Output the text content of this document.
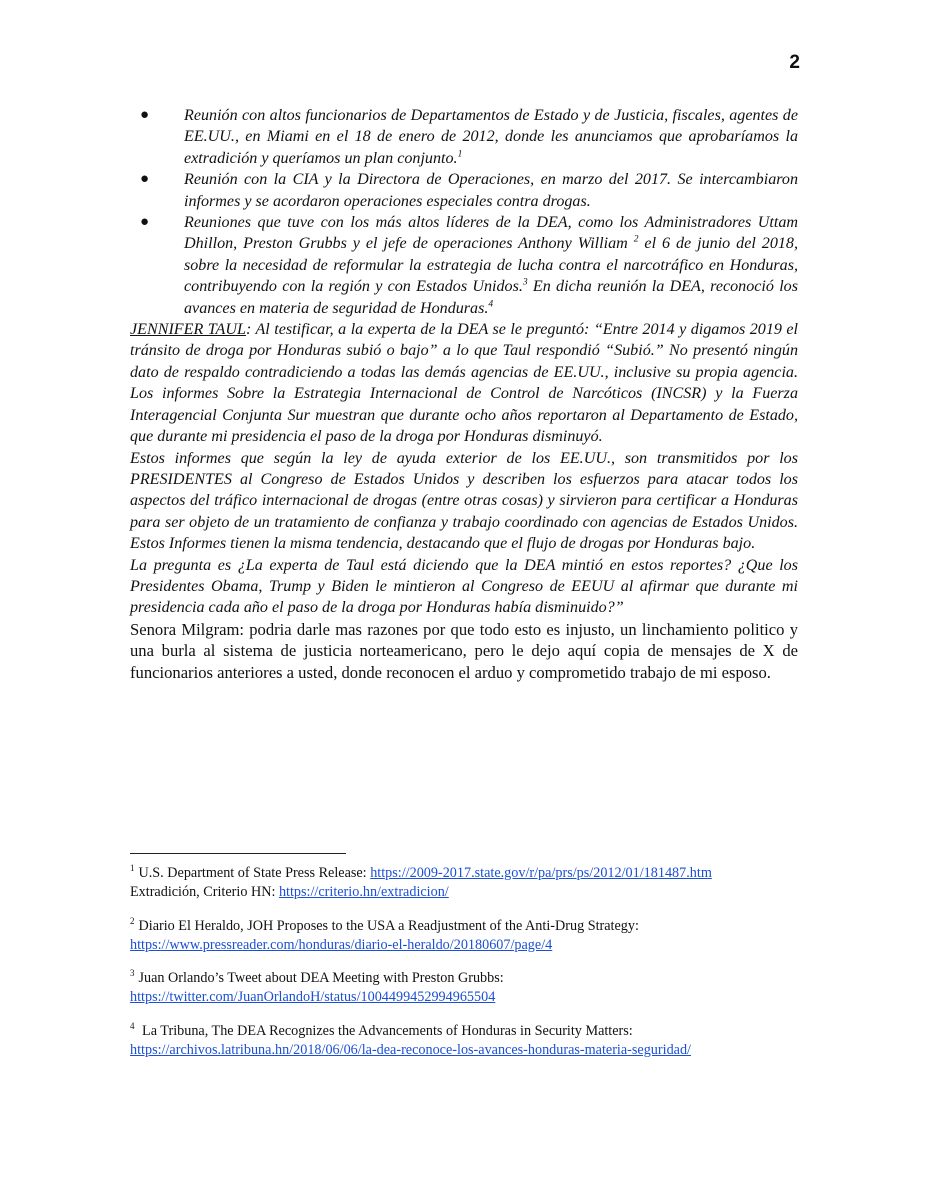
2
● Reunión con altos funcionarios de Departamentos de Estado y de Justicia, fiscales, agentes de EE.UU., en Miami en el 18 de enero de 2012, donde les anunciamos que aprobaríamos la extradición y queríamos un plan conjunto.$^1$
● Reunión con la CIA y la Directora de Operaciones, en marzo del 2017. Se intercambiaron informes y se acordaron operaciones especiales contra drogas.
● Reuniones que tuve con los más altos líderes de la DEA, como los Administradores Uttam Dhillon, Preston Grubbs y el jefe de operaciones Anthony William $^2$ el 6 de junio del 2018, sobre la necesidad de reformular la estrategia de lucha contra el narcotráfico en Honduras, contribuyendo con la región y con Estados Unidos.$^3$ En dicha reunión la DEA, reconoció los avances en materia de seguridad de Honduras.$^4$

JENNIFER TAUL: Al testificar, a la experta de la DEA se le preguntó: “Entre 2014 y digamos 2019 el tránsito de droga por Honduras subió o bajo” a lo que Taul respondió “Subió.” No presentó ningún dato de respaldo contradiciendo a todas las demás agencias de EE.UU., inclusive su propia agencia. Los informes Sobre la Estrategia Internacional de Control de Narcóticos (INCSR) y la Fuerza Interagencial Conjunta Sur muestran que durante ocho años reportaron al Departamento de Estado, que durante mi presidencia el paso de la droga por Honduras disminuyó.

Estos informes que según la ley de ayuda exterior de los EE.UU., son transmitidos por los PRESIDENTES al Congreso de Estados Unidos y describen los esfuerzos para atacar todos los aspectos del tráfico internacional de drogas (entre otras cosas) y sirvieron para certificar a Honduras para ser objeto de un tratamiento de confianza y trabajo coordinado con agencias de Estados Unidos. Estos Informes tienen la misma tendencia, destacando que el flujo de drogas por Honduras bajo.

La pregunta es ¿La experta de Taul está diciendo que la DEA mintió en estos reportes? ¿Que los Presidentes Obama, Trump y Biden le mintieron al Congreso de EEUU al afirmar que durante mi presidencia cada año el paso de la droga por Honduras había disminuido?”

Senora Milgram: podria darle mas razones por que todo esto es injusto, un linchamiento politico y una burla al sistema de justicia norteamericano, pero le dejo aquí copia de mensajes de X de funcionarios anteriores a usted, donde reconocen el arduo y comprometido trabajo de mi esposo.

$^1$ U.S. Department of State Press Release: https://2009-2017.state.gov/r/pa/prs/ps/2012/01/181487.htm
Extradición, Criterio HN: https://criterio.hn/extradicion/

$^2$ Diario El Heraldo, JOH Proposes to the USA a Readjustment of the Anti-Drug Strategy:
https://www.pressreader.com/honduras/diario-el-heraldo/20180607/page/4

$^3$ Juan Orlando’s Tweet about DEA Meeting with Preston Grubbs:
https://twitter.com/JuanOrlandoH/status/1004499452994965504

$^4$ La Tribuna, The DEA Recognizes the Advancements of Honduras in Security Matters:
https://archivos.latribuna.hn/2018/06/06/la-dea-reconoce-los-avances-honduras-materia-seguridad/
